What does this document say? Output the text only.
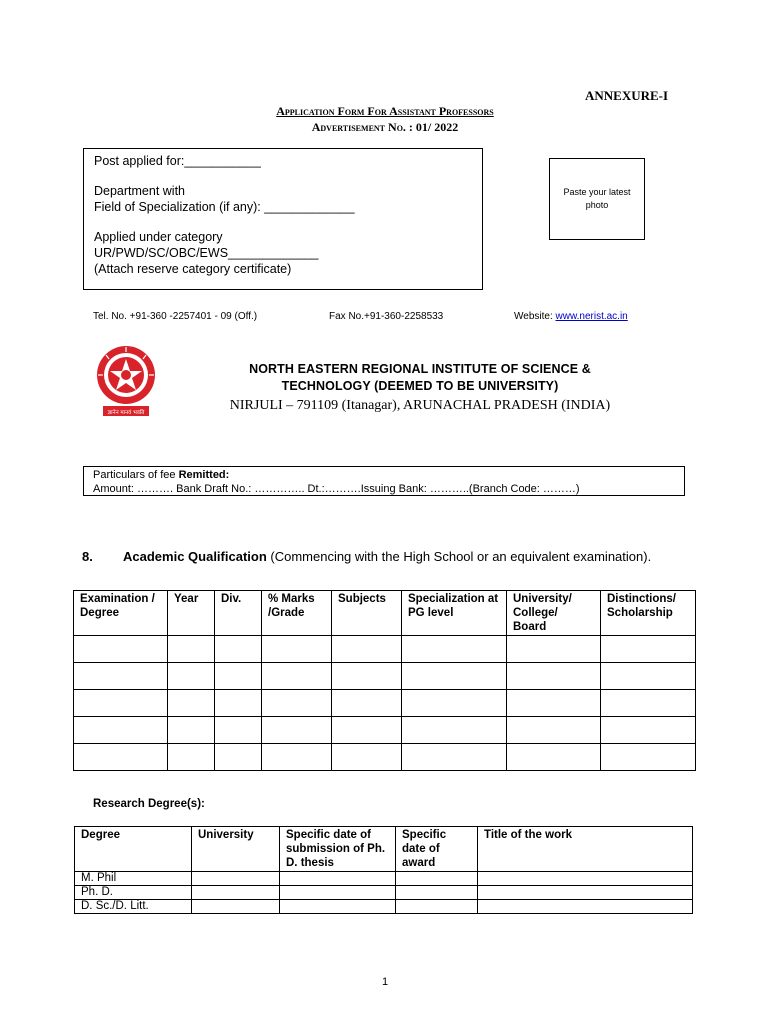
ANNEXURE-I
Application Form For Assistant Professors
Advertisement No. : 01/ 2022
Post applied for:___________
Department with
Field of Specialization (if any): _____________
Applied under category
UR/PWD/SC/OBC/EWS_____________
(Attach reserve category certificate)
Paste your latest
photo
Tel. No. +91-360 -2257401 - 09 (Off.)	Fax No.+91-360-2258533	Website: www.nerist.ac.in
ज्ञानेन मानवं भवति
NORTH EASTERN REGIONAL INSTITUTE OF SCIENCE &
TECHNOLOGY (DEEMED TO BE UNIVERSITY)
NIRJULI – 791109 (Itanagar), ARUNACHAL PRADESH (INDIA)
Particulars of fee Remitted:
Amount: ………. Bank Draft No.: ………….. Dt.:……….Issuing Bank: ………..(Branch Code: ………)
8. Academic Qualification (Commencing with the High School or an equivalent examination).
Examination / Degree	Year	Div.	% Marks /Grade	Subjects	Specialization at PG level	University/ College/ Board	Distinctions/ Scholarship

Research Degree(s):
Degree	University	Specific date of submission of Ph. D. thesis	Specific date of award	Title of the work
M. Phil				
Ph. D.				
D. Sc./D. Litt.				
1
